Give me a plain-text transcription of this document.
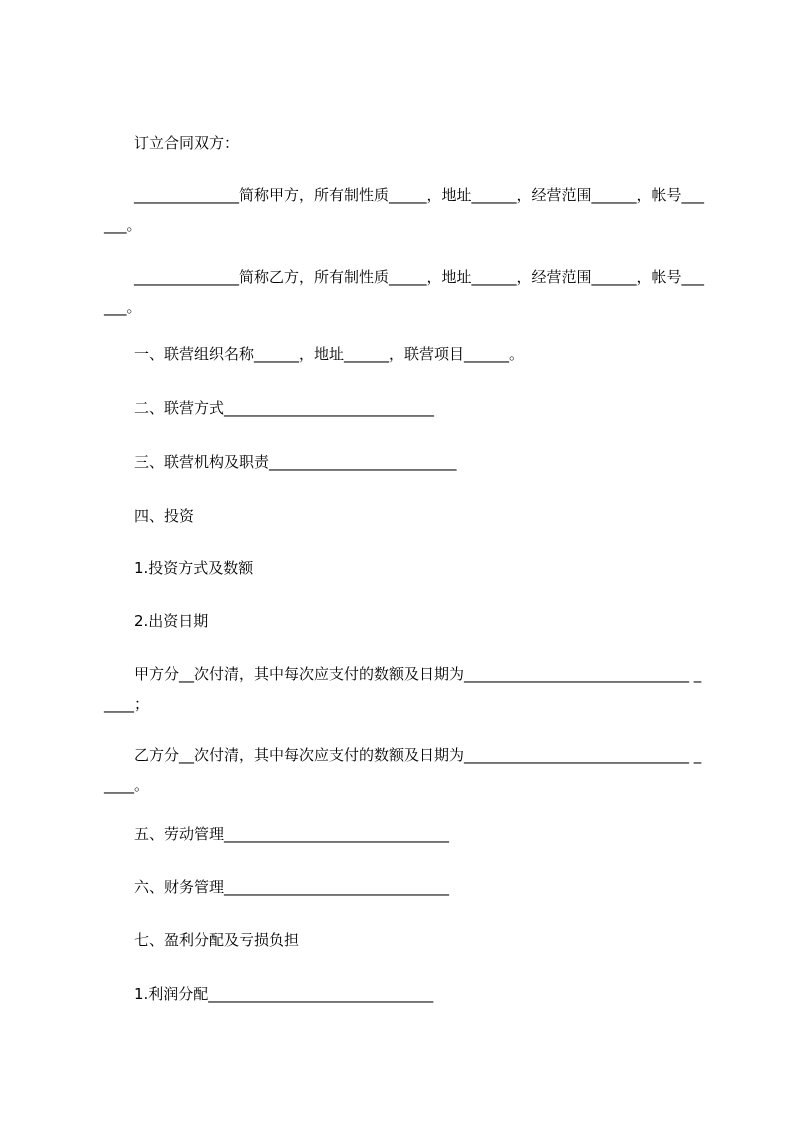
　　订立合同双方：

　　______________简称甲方，所有制性质_____，地址______，经营范围______，帐号______。

　　______________简称乙方，所有制性质_____，地址______，经营范围______，帐号______。

　　一、联营组织名称______，地址______，联营项目______。

　　二、联营方式____________________________

　　三、联营机构及职责_________________________

　　四、投资

　　1.投资方式及数额

　　2.出资日期

　　甲方分__次付清，其中每次应支付的数额及日期为______________________________ _____；

　　乙方分__次付清，其中每次应支付的数额及日期为______________________________ _____。

　　五、劳动管理______________________________

　　六、财务管理______________________________

　　七、盈利分配及亏损负担

　　1.利润分配______________________________
